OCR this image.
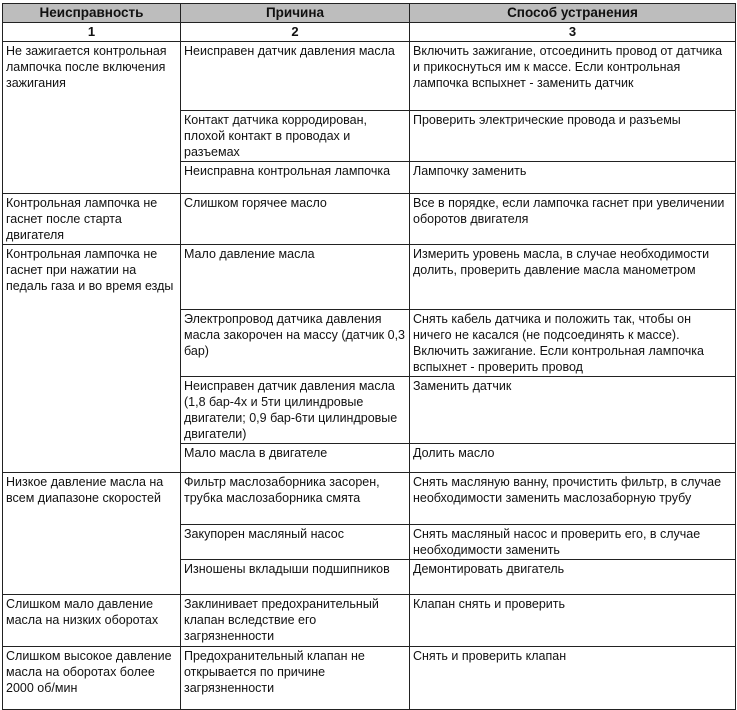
Неисправность	Причина	Способ устранения
1	2	3
Не зажигается контрольная лампочка после включения зажигания	Неисправен датчик давления масла	Включить зажигание, отсоединить провод от датчика и прикоснуться им к массе. Если контрольная лампочка вспыхнет - заменить датчик
	Контакт датчика корродирован, плохой контакт в проводах и разъемах	Проверить электрические провода и разъемы
	Неисправна контрольная лампочка	Лампочку заменить
Контрольная лампочка не гаснет после старта двигателя	Слишком горячее масло	Все в порядке, если лампочка гаснет при увеличении оборотов двигателя
Контрольная лампочка не гаснет при нажатии на педаль газа и во время езды	Мало давление масла	Измерить уровень масла, в случае необходимости долить, проверить давление масла манометром
	Электропровод датчика давления масла закорочен на массу (датчик 0,3 бар)	Снять кабель датчика и положить так, чтобы он ничего не касался (не подсоединять к массе). Включить зажигание. Если контрольная лампочка вспыхнет - проверить провод
	Неисправен датчик давления масла (1,8 бар-4х и 5ти цилиндровые двигатели; 0,9 бар-6ти цилиндровые двигатели)	Заменить датчик
	Мало масла в двигателе	Долить масло
Низкое давление масла на всем диапазоне скоростей	Фильтр маслозаборника засорен, трубка маслозаборника смята	Снять масляную ванну, прочистить фильтр, в случае необходимости заменить маслозаборную трубу
	Закупорен масляный насос	Снять масляный насос и проверить его, в случае необходимости заменить
	Изношены вкладыши подшипников	Демонтировать двигатель
Слишком мало давление масла на низких оборотах	Заклинивает предохранительный клапан вследствие его загрязненности	Клапан снять и проверить
Слишком высокое давление масла на оборотах более 2000 об/мин	Предохранительный клапан не открывается по причине загрязненности	Снять и проверить клапан
